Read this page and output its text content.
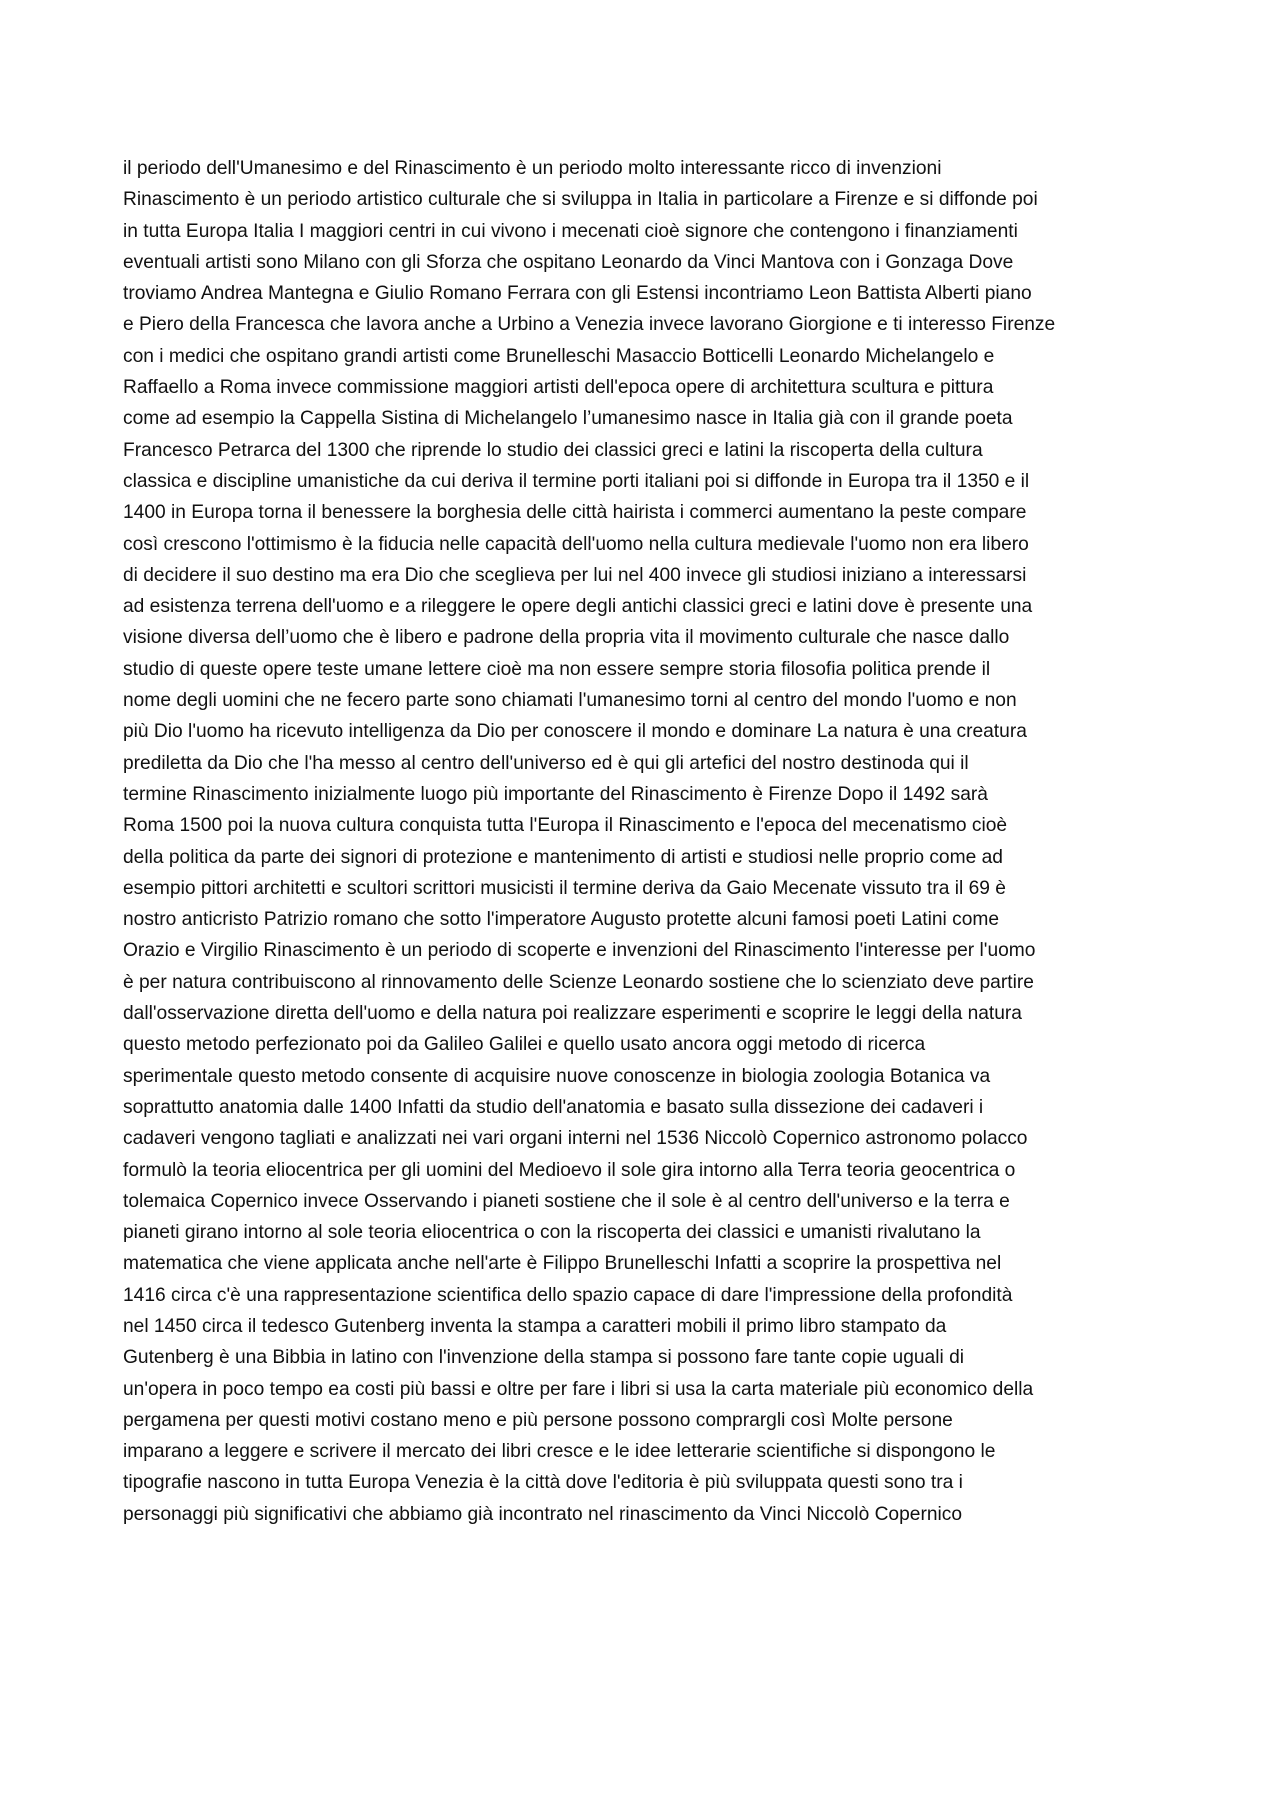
il periodo dell'Umanesimo e del Rinascimento è un periodo molto interessante ricco di invenzioni
Rinascimento è un periodo artistico culturale che si sviluppa in Italia in particolare a Firenze e si diffonde poi
in tutta Europa Italia I maggiori centri in cui vivono i mecenati cioè signore che contengono i finanziamenti
eventuali artisti sono Milano con gli Sforza che ospitano Leonardo da Vinci Mantova con i Gonzaga Dove
troviamo Andrea Mantegna e Giulio Romano Ferrara con gli Estensi incontriamo Leon Battista Alberti piano
e Piero della Francesca che lavora anche a Urbino a Venezia invece lavorano Giorgione e ti interesso Firenze
con i medici che ospitano grandi artisti come Brunelleschi Masaccio Botticelli Leonardo Michelangelo e
Raffaello a Roma invece commissione maggiori artisti dell'epoca opere di architettura scultura e pittura
come ad esempio la Cappella Sistina di Michelangelo l’umanesimo nasce in Italia già con il grande poeta
Francesco Petrarca del 1300 che riprende lo studio dei classici greci e latini la riscoperta della cultura
classica e discipline umanistiche da cui deriva il termine porti italiani poi si diffonde in Europa tra il 1350 e il
1400 in Europa torna il benessere la borghesia delle città hairista i commerci aumentano la peste compare
così crescono l'ottimismo è la fiducia nelle capacità dell'uomo nella cultura medievale l'uomo non era libero
di decidere il suo destino ma era Dio che sceglieva per lui nel 400 invece gli studiosi iniziano a interessarsi
ad esistenza terrena dell'uomo e a rileggere le opere degli antichi classici greci e latini dove è presente una
visione diversa dell’uomo che è libero e padrone della propria vita il movimento culturale che nasce dallo
studio di queste opere teste umane lettere cioè ma non essere sempre storia filosofia politica prende il
nome degli uomini che ne fecero parte sono chiamati l'umanesimo torni al centro del mondo l'uomo e non
più Dio l'uomo ha ricevuto intelligenza da Dio per conoscere il mondo e dominare La natura è una creatura
prediletta da Dio che l'ha messo al centro dell'universo ed è qui gli artefici del nostro destinoda qui il
termine Rinascimento inizialmente luogo più importante del Rinascimento è Firenze Dopo il 1492 sarà
Roma 1500 poi la nuova cultura conquista tutta l'Europa il Rinascimento e l'epoca del mecenatismo cioè
della politica da parte dei signori di protezione e mantenimento di artisti e studiosi nelle proprio come ad
esempio pittori architetti e scultori scrittori musicisti il termine deriva da Gaio Mecenate vissuto tra il 69 è
nostro anticristo Patrizio romano che sotto l'imperatore Augusto protette alcuni famosi poeti Latini come
Orazio e Virgilio Rinascimento è un periodo di scoperte e invenzioni del Rinascimento l'interesse per l'uomo
è per natura contribuiscono al rinnovamento delle Scienze Leonardo sostiene che lo scienziato deve partire
dall'osservazione diretta dell'uomo e della natura poi realizzare esperimenti e scoprire le leggi della natura
questo metodo perfezionato poi da Galileo Galilei e quello usato ancora oggi metodo di ricerca
sperimentale questo metodo consente di acquisire nuove conoscenze in biologia zoologia Botanica va
soprattutto anatomia dalle 1400 Infatti da studio dell'anatomia e basato sulla dissezione dei cadaveri i
cadaveri vengono tagliati e analizzati nei vari organi interni nel 1536 Niccolò Copernico astronomo polacco
formulò la teoria eliocentrica per gli uomini del Medioevo il sole gira intorno alla Terra teoria geocentrica o
tolemaica Copernico invece Osservando i pianeti sostiene che il sole è al centro dell'universo e la terra e
pianeti girano intorno al sole teoria eliocentrica o con la riscoperta dei classici e umanisti rivalutano la
matematica che viene applicata anche nell'arte è Filippo Brunelleschi Infatti a scoprire la prospettiva nel
1416 circa c'è una rappresentazione scientifica dello spazio capace di dare l'impressione della profondità
nel 1450 circa il tedesco Gutenberg inventa la stampa a caratteri mobili il primo libro stampato da
Gutenberg è una Bibbia in latino con l'invenzione della stampa si possono fare tante copie uguali di
un'opera in poco tempo ea costi più bassi e oltre per fare i libri si usa la carta materiale più economico della
pergamena per questi motivi costano meno e più persone possono comprargli così Molte persone
imparano a leggere e scrivere il mercato dei libri cresce e le idee letterarie scientifiche si dispongono le
tipografie nascono in tutta Europa Venezia è la città dove l'editoria è più sviluppata questi sono tra i
personaggi più significativi che abbiamo già incontrato nel rinascimento da Vinci Niccolò Copernico
